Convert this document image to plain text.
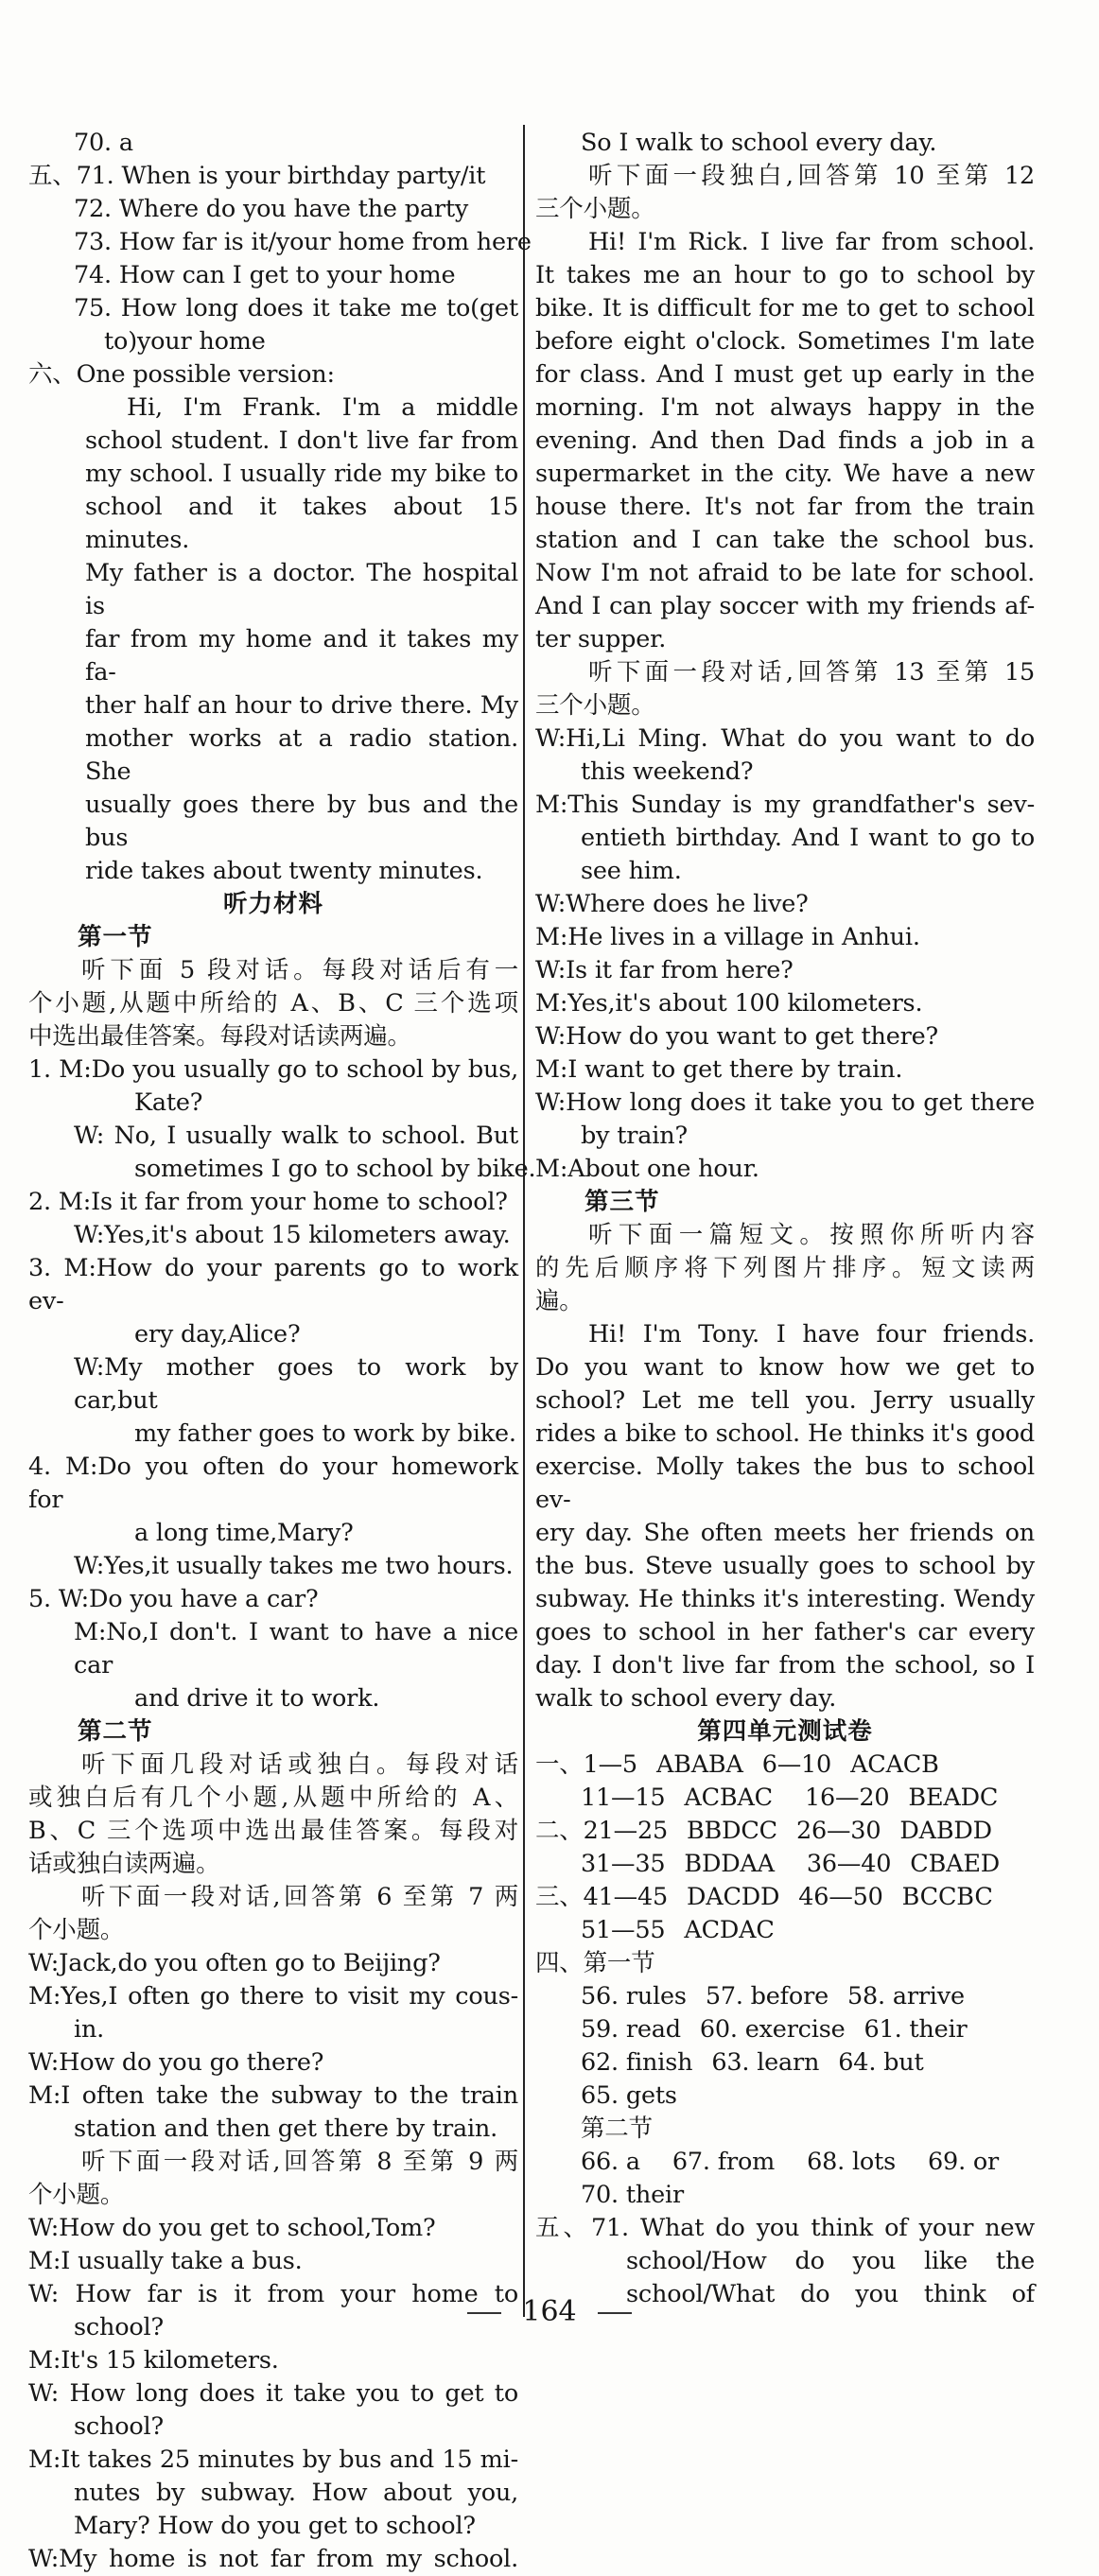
70. a
五、71. When is your birthday party/it
72. Where do you have the party
73. How far is it/your home from here
74. How can I get to your home
75. How long does it take me to(get
to)your home
六、One possible version:
Hi, I'm Frank. I'm a middle
school student. I don't live far from
my school. I usually ride my bike to
school and it takes about 15 minutes.
My father is a doctor. The hospital is
far from my home and it takes my fa-
ther half an hour to drive there. My
mother works at a radio station. She
usually goes there by bus and the bus
ride takes about twenty minutes.
听力材料
第一节
听下面 5 段对话。每段对话后有一
个小题,从题中所给的 A、B、C 三个选项
中选出最佳答案。每段对话读两遍。
1. M:Do you usually go to school by bus,
Kate?
W: No, I usually walk to school. But
sometimes I go to school by bike.
2. M:Is it far from your home to school?
W:Yes,it's about 15 kilometers away.
3. M:How do your parents go to work ev-
ery day,Alice?
W:My mother goes to work by car,but
my father goes to work by bike.
4. M:Do you often do your homework for
a long time,Mary?
W:Yes,it usually takes me two hours.
5. W:Do you have a car?
M:No,I don't. I want to have a nice car
and drive it to work.
第二节
听下面几段对话或独白。每段对话
或独白后有几个小题,从题中所给的 A、
B、C 三个选项中选出最佳答案。每段对
话或独白读两遍。
听下面一段对话,回答第 6 至第 7 两
个小题。
W:Jack,do you often go to Beijing?
M:Yes,I often go there to visit my cous-
in.
W:How do you go there?
M:I often take the subway to the train
station and then get there by train.
听下面一段对话,回答第 8 至第 9 两
个小题。
W:How do you get to school,Tom?
M:I usually take a bus.
W: How far is it from your home to
school?
M:It's 15 kilometers.
W: How long does it take you to get to
school?
M:It takes 25 minutes by bus and 15 mi-
nutes by subway. How about you,
Mary? How do you get to school?
W:My home is not far from my school.
So I walk to school every day.
听下面一段独白,回答第 10 至第 12
三个小题。
Hi! I'm Rick. I live far from school.
It takes me an hour to go to school by
bike. It is difficult for me to get to school
before eight o'clock. Sometimes I'm late
for class. And I must get up early in the
morning. I'm not always happy in the
evening. And then Dad finds a job in a
supermarket in the city. We have a new
house there. It's not far from the train
station and I can take the school bus.
Now I'm not afraid to be late for school.
And I can play soccer with my friends af-
ter supper.
听下面一段对话,回答第 13 至第 15
三个小题。
W:Hi,Li Ming. What do you want to do
this weekend?
M:This Sunday is my grandfather's sev-
entieth birthday. And I want to go to
see him.
W:Where does he live?
M:He lives in a village in Anhui.
W:Is it far from here?
M:Yes,it's about 100 kilometers.
W:How do you want to get there?
M:I want to get there by train.
W:How long does it take you to get there
by train?
M:About one hour.
第三节
听下面一篇短文。按照你所听内容
的先后顺序将下列图片排序。短文读两
遍。
Hi! I'm Tony. I have four friends.
Do you want to know how we get to
school? Let me tell you. Jerry usually
rides a bike to school. He thinks it's good
exercise. Molly takes the bus to school ev-
ery day. She often meets her friends on
the bus. Steve usually goes to school by
subway. He thinks it's interesting. Wendy
goes to school in her father's car every
day. I don't live far from the school, so I
walk to school every day.
第四单元测试卷
一、1—5 ABABA 6—10 ACACB
11—15 ACBAC 16—20 BEADC
二、21—25 BBDCC 26—30 DABDD
31—35 BDDAA 36—40 CBAED
三、41—45 DACDD 46—50 BCCBC
51—55 ACDAC
四、第一节
56. rules 57. before 58. arrive
59. read 60. exercise 61. their
62. finish 63. learn 64. but
65. gets
第二节
66. a 67. from 68. lots 69. or
70. their
五、71. What do you think of your new
school/How do you like the
school/What do you think of
164
